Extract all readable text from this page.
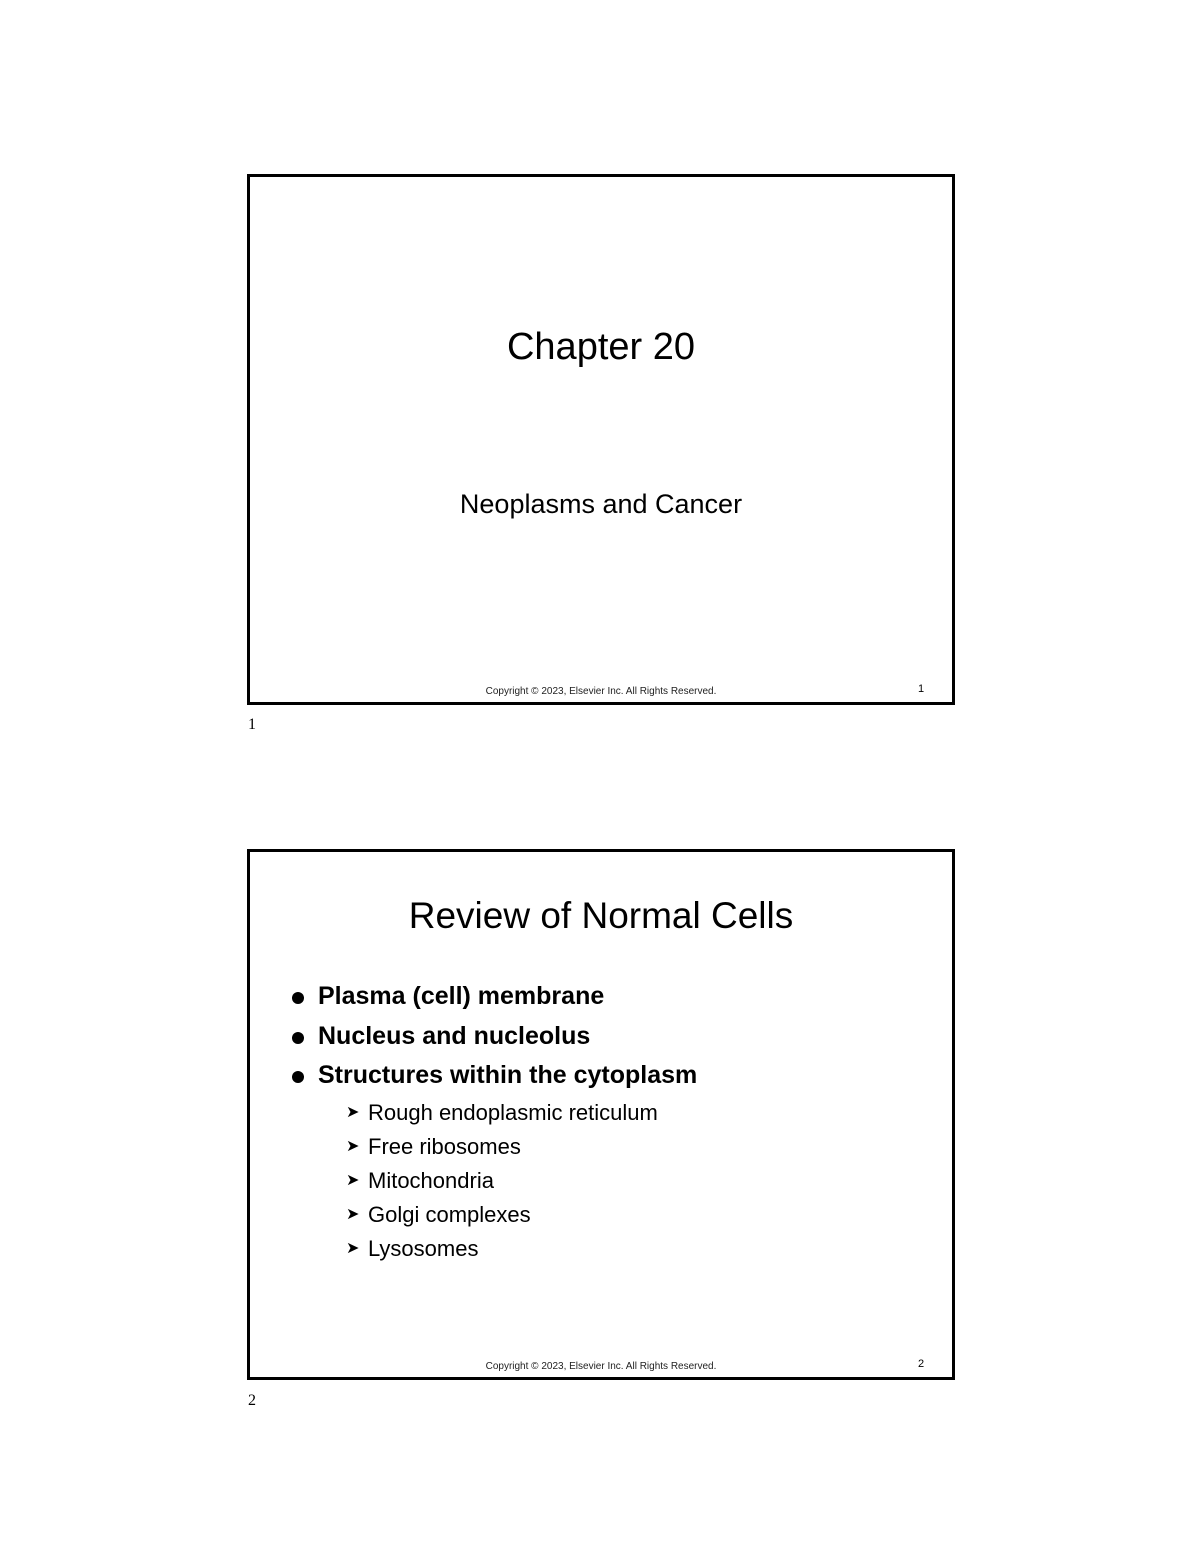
Chapter 20
Neoplasms and Cancer
Copyright © 2023, Elsevier Inc. All Rights Reserved.	1
1
Review of Normal Cells
Plasma (cell) membrane
Nucleus and nucleolus
Structures within the cytoplasm
➤ Rough endoplasmic reticulum
➤ Free ribosomes
➤ Mitochondria
➤ Golgi complexes
➤ Lysosomes
Copyright © 2023, Elsevier Inc. All Rights Reserved.	2
2
